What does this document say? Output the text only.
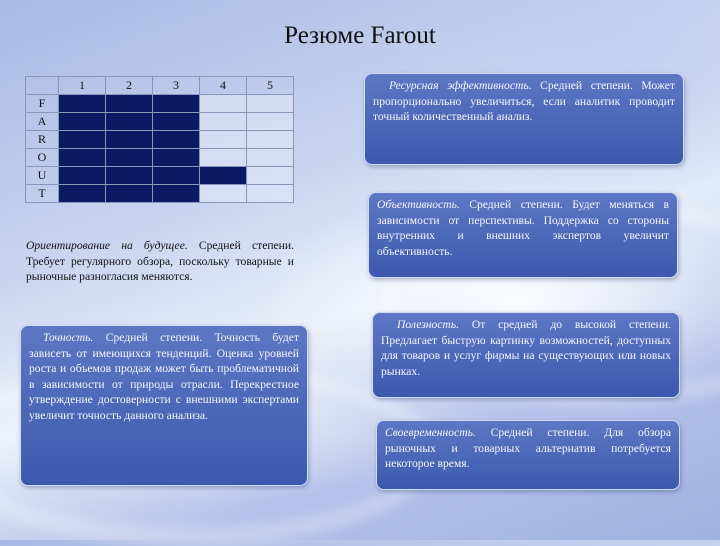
Резюме Farout
	1	2	3	4	5
F					
A					
R					
O					
U					
T					
Ориентирование на будущее. Средней степени. Требует регулярного обзора, поскольку товарные и рыночные разногласия меняются.
Точность. Средней степени. Точность будет зависеть от имеющихся тенденций. Оценка уровней роста и объемов продаж может быть проблематичной в зависимости от природы отрасли. Перекрестное утверждение достоверности с внешними экспертами увеличит точность данного анализа.
Ресурсная эффективность. Средней степени. Может пропорционально увеличиться, если аналитик проводит точный количественный анализ.
Объективность. Средней степени. Будет меняться в зависимости от перспективы. Поддержка со стороны внутренних и внешних экспертов увеличит объективность.
Полезность. От средней до высокой степени. Предлагает быструю картинку возможностей, доступных для товаров и услуг фирмы на существующих или новых рынках.
Своевременность. Средней степени. Для обзора рыночных и товарных альтернатив потребуется некоторое время.
